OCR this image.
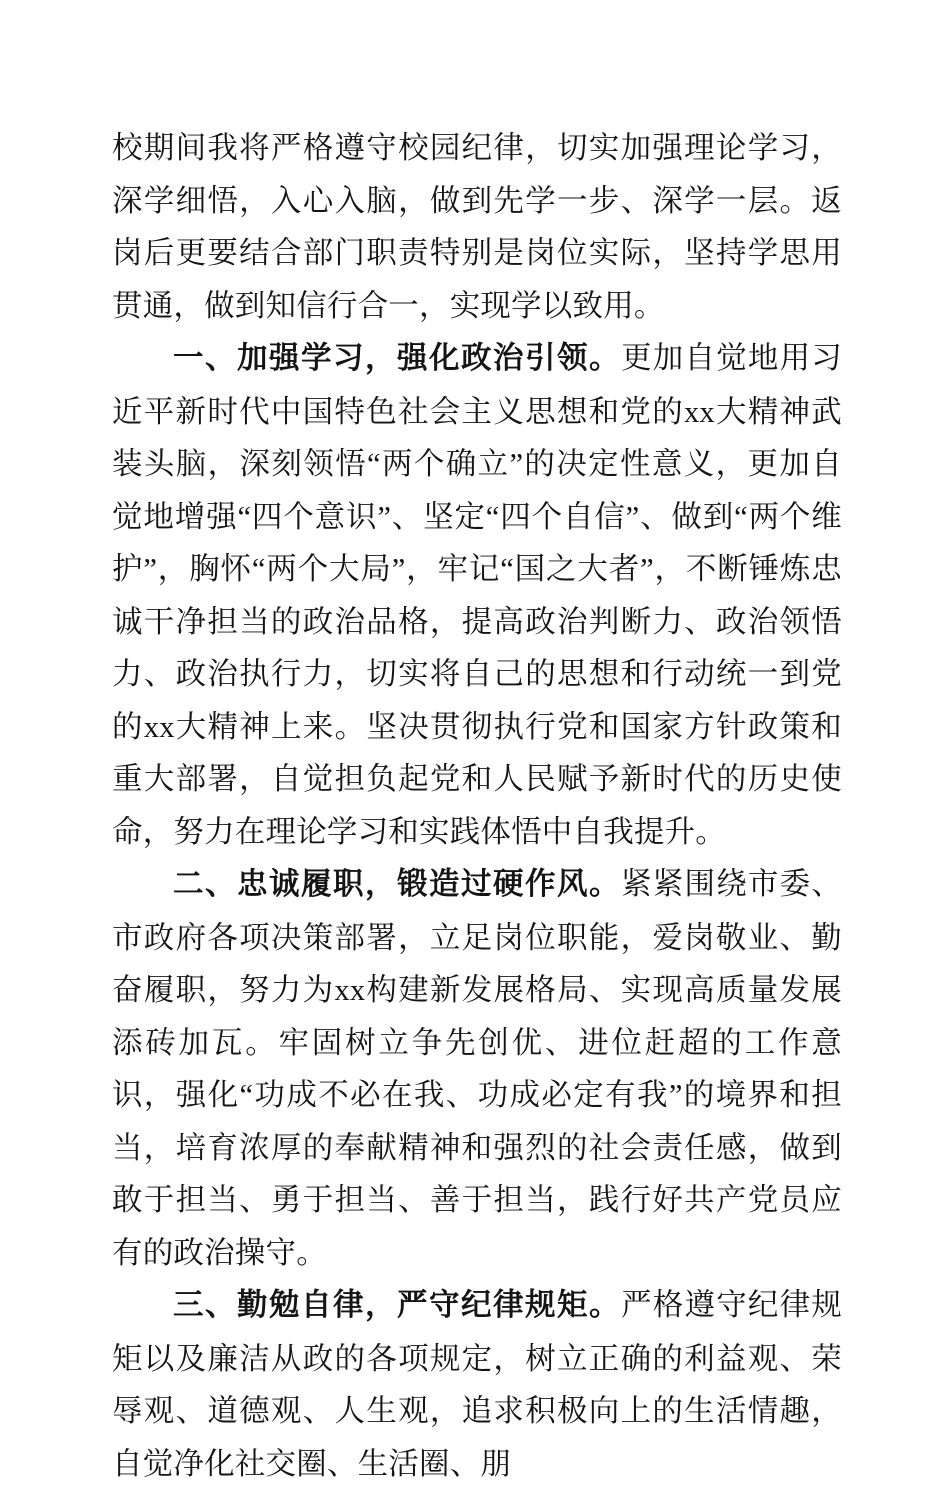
校期间我将严格遵守校园纪律，切实加强理论学习，深学细悟，入心入脑，做到先学一步、深学一层。返岗后更要结合部门职责特别是岗位实际，坚持学思用贯通，做到知信行合一，实现学以致用。

一、加强学习，强化政治引领。更加自觉地用习近平新时代中国特色社会主义思想和党的xx大精神武装头脑，深刻领悟“两个确立”的决定性意义，更加自觉地增强“四个意识”、坚定“四个自信”、做到“两个维护”，胸怀“两个大局”，牢记“国之大者”，不断锤炼忠诚干净担当的政治品格，提高政治判断力、政治领悟力、政治执行力，切实将自己的思想和行动统一到党的xx大精神上来。坚决贯彻执行党和国家方针政策和重大部署，自觉担负起党和人民赋予新时代的历史使命，努力在理论学习和实践体悟中自我提升。

二、忠诚履职，锻造过硬作风。紧紧围绕市委、市政府各项决策部署，立足岗位职能，爱岗敬业、勤奋履职，努力为xx构建新发展格局、实现高质量发展添砖加瓦。牢固树立争先创优、进位赶超的工作意识，强化“功成不必在我、功成必定有我”的境界和担当，培育浓厚的奉献精神和强烈的社会责任感，做到敢于担当、勇于担当、善于担当，践行好共产党员应有的政治操守。

三、勤勉自律，严守纪律规矩。严格遵守纪律规矩以及廉洁从政的各项规定，树立正确的利益观、荣辱观、道德观、人生观，追求积极向上的生活情趣，自觉净化社交圈、生活圈、朋
